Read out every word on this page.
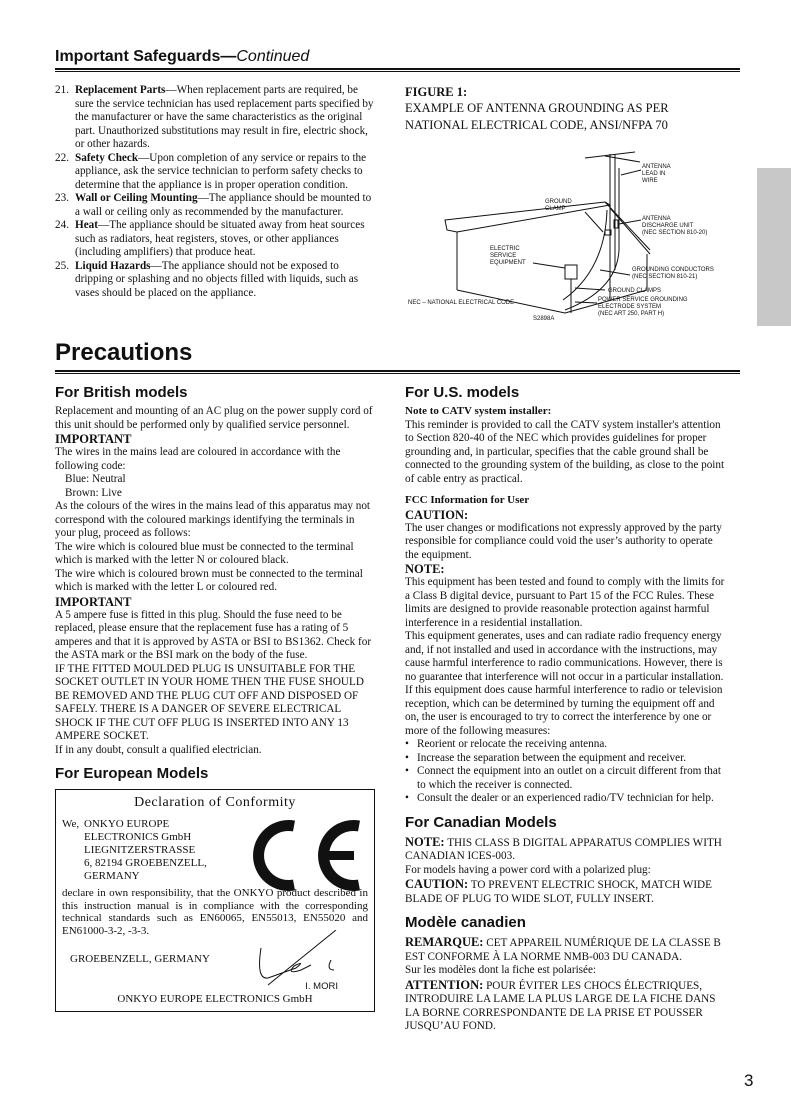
Important Safeguards—Continued
21. Replacement Parts—When replacement parts are required, be sure the service technician has used replacement parts specified by the manufacturer or have the same characteristics as the original part. Unauthorized substitutions may result in fire, electric shock, or other hazards.
22. Safety Check—Upon completion of any service or repairs to the appliance, ask the service technician to perform safety checks to determine that the appliance is in proper operation condition.
23. Wall or Ceiling Mounting—The appliance should be mounted to a wall or ceiling only as recommended by the manufacturer.
24. Heat—The appliance should be situated away from heat sources such as radiators, heat registers, stoves, or other appliances (including amplifiers) that produce heat.
25. Liquid Hazards—The appliance should not be exposed to dripping or splashing and no objects filled with liquids, such as vases should be placed on the appliance.
FIGURE 1:
EXAMPLE OF ANTENNA GROUNDING AS PER NATIONAL ELECTRICAL CODE, ANSI/NFPA 70
ANTENNA
LEAD IN
WIRE
GROUND
CLAMP
ANTENNA
DISCHARGE UNIT
(NEC SECTION 810-20)
ELECTRIC
SERVICE
EQUIPMENT
GROUNDING CONDUCTORS
(NEC SECTION 810-21)
GROUND CLAMPS
POWER SERVICE GROUNDING
ELECTRODE SYSTEM
(NEC ART 250, PART H)
NEC – NATIONAL ELECTRICAL CODE
S2898A
Precautions
For British models

Replacement and mounting of an AC plug on the power supply cord of this unit should be performed only by qualified service personnel.

IMPORTANT

The wires in the mains lead are coloured in accordance with the following code:

Blue: Neutral

Brown: Live

As the colours of the wires in the mains lead of this apparatus may not correspond with the coloured markings identifying the terminals in your plug, proceed as follows:

The wire which is coloured blue must be connected to the terminal which is marked with the letter N or coloured black.

The wire which is coloured brown must be connected to the terminal which is marked with the letter L or coloured red.

IMPORTANT

A 5 ampere fuse is fitted in this plug. Should the fuse need to be replaced, please ensure that the replacement fuse has a rating of 5 amperes and that it is approved by ASTA or BSI to BS1362. Check for the ASTA mark or the BSI mark on the body of the fuse.

IF THE FITTED MOULDED PLUG IS UNSUITABLE FOR THE SOCKET OUTLET IN YOUR HOME THEN THE FUSE SHOULD BE REMOVED AND THE PLUG CUT OFF AND DISPOSED OF SAFELY. THERE IS A DANGER OF SEVERE ELECTRICAL SHOCK IF THE CUT OFF PLUG IS INSERTED INTO ANY 13 AMPERE SOCKET.

If in any doubt, consult a qualified electrician.

For European Models
Declaration of Conformity
We, ONKYO EUROPE
ELECTRONICS GmbH
LIEGNITZERSTRASSE
6, 82194 GROEBENZELL,
GERMANY
declare in own responsibility, that the ONKYO product described in this instruction manual is in compliance with the corresponding technical standards such as EN60065, EN55013, EN55020 and EN61000-3-2, -3-3.
GROEBENZELL, GERMANY
I. MORI
ONKYO EUROPE ELECTRONICS GmbH
For U.S. models
Note to CATV system installer:

This reminder is provided to call the CATV system installer's attention to Section 820-40 of the NEC which provides guidelines for proper grounding and, in particular, specifies that the cable ground shall be connected to the grounding system of the building, as close to the point of cable entry as practical.

FCC Information for User
CAUTION:

The user changes or modifications not expressly approved by the party responsible for compliance could void the user’s authority to operate the equipment.

NOTE:

This equipment has been tested and found to comply with the limits for a Class B digital device, pursuant to Part 15 of the FCC Rules. These limits are designed to provide reasonable protection against harmful interference in a residential installation.

This equipment generates, uses and can radiate radio frequency energy and, if not installed and used in accordance with the instructions, may cause harmful interference to radio communications. However, there is no guarantee that interference will not occur in a particular installation. If this equipment does cause harmful interference to radio or television reception, which can be determined by turning the equipment off and on, the user is encouraged to try to correct the interference by one or more of the following measures:

• Reorient or relocate the receiving antenna.
• Increase the separation between the equipment and receiver.
• Connect the equipment into an outlet on a circuit different from that to which the receiver is connected.
• Consult the dealer or an experienced radio/TV technician for help.
For Canadian Models

NOTE: THIS CLASS B DIGITAL APPARATUS COMPLIES WITH CANADIAN ICES-003.

For models having a power cord with a polarized plug:

CAUTION: TO PREVENT ELECTRIC SHOCK, MATCH WIDE BLADE OF PLUG TO WIDE SLOT, FULLY INSERT.

Modèle canadien

REMARQUE: CET APPAREIL NUMÉRIQUE DE LA CLASSE B EST CONFORME À LA NORME NMB-003 DU CANADA.

Sur les modèles dont la fiche est polarisée:

ATTENTION: POUR ÉVITER LES CHOCS ÉLECTRIQUES, INTRODUIRE LA LAME LA PLUS LARGE DE LA FICHE DANS LA BORNE CORRESPONDANTE DE LA PRISE ET POUSSER JUSQU’AU FOND.

3
